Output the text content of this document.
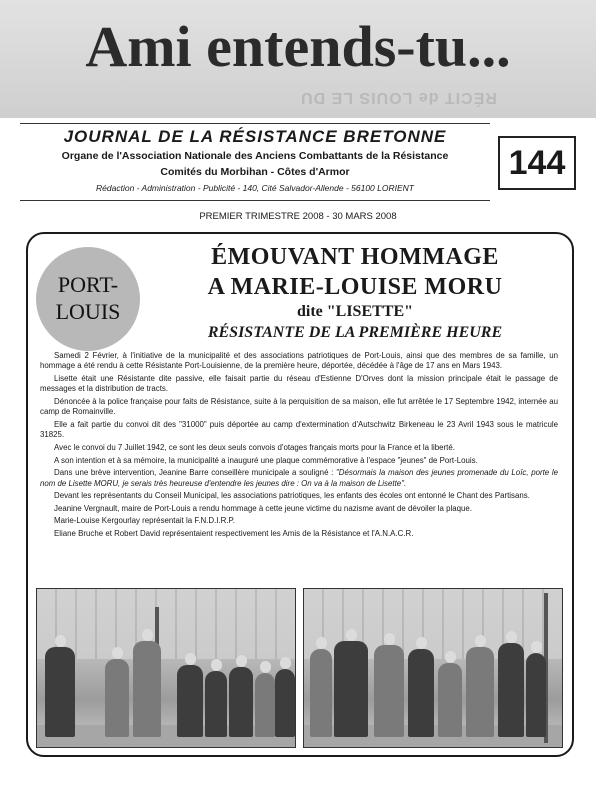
Ami entends-tu...
RÉCIT de LOUIS LE DU
JOURNAL DE LA RÉSISTANCE BRETONNE
Organe de l'Association Nationale des Anciens Combattants de la Résistance
Comités du Morbihan - Côtes d'Armor
Rédaction - Administration - Publicité - 140, Cité Salvador-Allende - 56100 LORIENT
144
PREMIER TRIMESTRE 2008 - 30 MARS 2008
PORT-
LOUIS
ÉMOUVANT HOMMAGE
A MARIE-LOUISE MORU
dite "LISETTE"
RÉSISTANTE DE LA PREMIÈRE HEURE

Samedi 2 Février, à l'initiative de la municipalité et des associations patriotiques de Port-Louis, ainsi que des membres de sa famille, un hommage a été rendu à cette Résistante Port-Louisienne, de la première heure, déportée, décédée à l'âge de 17 ans en Mars 1943.

Lisette était une Résistante dite passive, elle faisait partie du réseau d'Estienne D'Orves dont la mission principale était le passage de messages et la distribution de tracts.

Dénoncée à la police française pour faits de Résistance, suite à la perquisition de sa maison, elle fut arrêtée le 17 Septembre 1942, internée au camp de Romainville.

Elle a fait partie du convoi dit des "31000" puis déportée au camp d'extermination d'Autschwitz Birkeneau le 23 Avril 1943 sous le matricule 31825.

Avec le convoi du 7 Juillet 1942, ce sont les deux seuls convois d'otages français morts pour la France et la liberté.

A son intention et à sa mémoire, la municipalité a inauguré une plaque commémorative à l'espace "jeunes" de Port-Louis.

Dans une brève intervention, Jeanine Barre conseillère municipale a souligné : "Désormais la maison des jeunes promenade du Loïc, porte le nom de Lisette MORU, je serais très heureuse d'entendre les jeunes dire : On va à la maison de Lisette".

Devant les représentants du Conseil Municipal, les associations patriotiques, les enfants des écoles ont entonné le Chant des Partisans.

Jeanine Vergnault, maire de Port-Louis a rendu hommage à cette jeune victime du nazisme avant de dévoiler la plaque.

Marie-Louise Kergourlay représentait la F.N.D.I.R.P.

Eliane Bruche et Robert David représentaient respectivement les Amis de la Résistance et l'A.N.A.C.R.
